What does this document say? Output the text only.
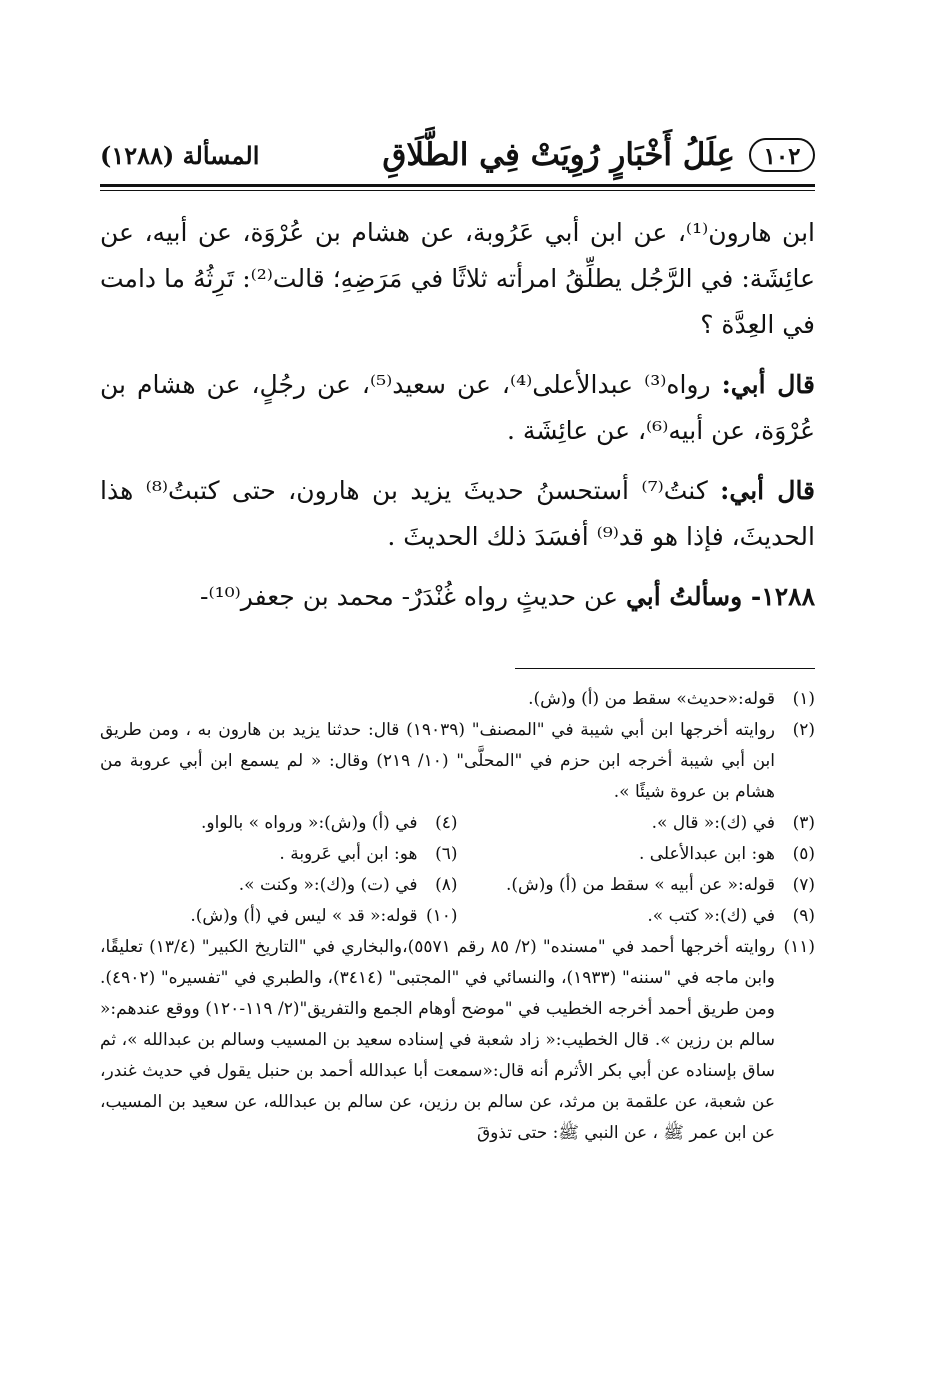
١٠٢
عِلَلُ أَخْبَارٍ رُوِيَتْ فِي الطَّلَاقِ
المسألة (١٢٨٨)

ابن هارون⁽¹⁾، عن ابن أبي عَرُوبة، عن هشام بن عُرْوَة، عن أبيه، عن عائِشَة: في الرَّجُل يطلِّقُ امرأته ثلاثًا في مَرَضِهِ؛ قالت⁽²⁾: تَرِثُهُ ما دامت في العِدَّة ؟

قال أبي: رواه⁽³⁾ عبدالأعلى⁽⁴⁾، عن سعيد⁽⁵⁾، عن رجُلٍ، عن هشام بن عُرْوَة، عن أبيه⁽⁶⁾، عن عائِشَة .

قال أبي: كنتُ⁽⁷⁾ أستحسنُ حديثَ يزيد بن هارون، حتى كتبتُ⁽⁸⁾ هذا الحديثَ، فإذا هو قد⁽⁹⁾ أفسَدَ ذلك الحديثَ .

١٢٨٨- وسألتُ أبي عن حديثٍ رواه غُنْدَرٌ- محمد بن جعفر⁽¹⁰⁾-

(١)
قوله:«حديث» سقط من (أ) و(ش).
(٢)
روايته أخرجها ابن أبي شيبة في "المصنف" (١٩٠٣٩) قال: حدثنا يزيد بن هارون به ، ومن طريق ابن أبي شيبة أخرجه ابن حزم في "المحلَّى" (١٠/ ٢١٩) وقال: « لم يسمع ابن أبي عروبة من هشام بن عروة شيئًا ».
(٣)
في (ك):« قال ».
(٤)
في (أ) و(ش):« ورواه » بالواو.
(٥)
هو: ابن عبدالأعلى .
(٦)
هو: ابن أبي عَروبة .
(٧)
قوله:« عن أبيه » سقط من (أ) و(ش).
(٨)
في (ت) و(ك):« وكنت ».
(٩)
في (ك):« كتب ».
(١٠)
قوله:« قد » ليس في (أ) و(ش).
(١١)
روايته أخرجها أحمد في "مسنده" (٢/ ٨٥ رقم ٥٥٧١)،والبخاري في "التاريخ الكبير" (١٣/٤) تعليقًا، وابن ماجه في "سننه" (١٩٣٣)، والنسائي في "المجتبى" (٣٤١٤)، والطبري في "تفسيره" (٤٩٠٢). ومن طريق أحمد أخرجه الخطيب في "موضح أوهام الجمع والتفريق"(٢/ ١١٩-١٢٠) ووقع عندهم:« سالم بن رزين ». قال الخطيب:« زاد شعبة في إسناده سعيد بن المسيب وسالم بن عبدالله »، ثم ساق بإسناده عن أبي بكر الأثرم أنه قال:«سمعت أبا عبدالله أحمد بن حنبل يقول في حديث غندر، عن شعبة، عن علقمة بن مرثد، عن سالم بن رزين، عن سالم بن عبدالله، عن سعيد بن المسيب، عن ابن عمر ﷺ ، عن النبي ﷺ: حتى تذوقَ
